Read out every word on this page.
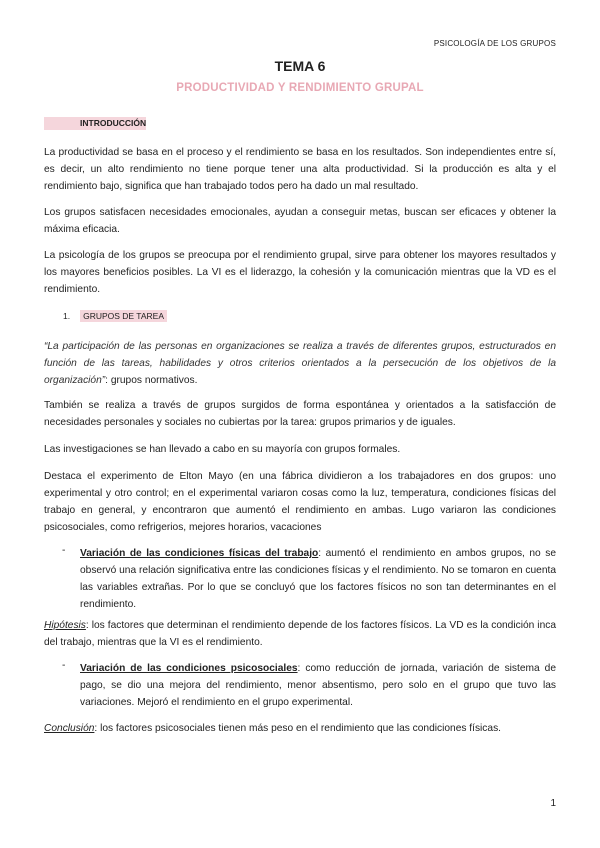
PSICOLOGÍA DE LOS GRUPOS
TEMA 6
PRODUCTIVIDAD Y RENDIMIENTO GRUPAL
INTRODUCCIÓN
La productividad se basa en el proceso y el rendimiento se basa en los resultados. Son independientes entre sí, es decir, un alto rendimiento no tiene porque tener una alta productividad. Si la producción es alta y el rendimiento bajo, significa que han trabajado todos pero ha dado un mal resultado.
Los grupos satisfacen necesidades emocionales, ayudan a conseguir metas, buscan ser eficaces y obtener la máxima eficacia.
La psicología de los grupos se preocupa por el rendimiento grupal, sirve para obtener los mayores resultados y los mayores beneficios posibles. La VI es el liderazgo, la cohesión y la comunicación mientras que la VD es el rendimiento.
1. GRUPOS DE TAREA
“La participación de las personas en organizaciones se realiza a través de diferentes grupos, estructurados en función de las tareas, habilidades y otros criterios orientados a la persecución de los objetivos de la organización”: grupos normativos.
También se realiza a través de grupos surgidos de forma espontánea y orientados a la satisfacción de necesidades personales y sociales no cubiertas por la tarea: grupos primarios y de iguales.
Las investigaciones se han llevado a cabo en su mayoría con grupos formales.
Destaca el experimento de Elton Mayo (en una fábrica dividieron a los trabajadores en dos grupos: uno experimental y otro control; en el experimental variaron cosas como la luz, temperatura, condiciones físicas del trabajo en general, y encontraron que aumentó el rendimiento en ambas. Lugo variaron las condiciones psicosociales, como refrigerios, mejores horarios, vacaciones
- Variación de las condiciones físicas del trabajo: aumentó el rendimiento en ambos grupos, no se observó una relación significativa entre las condiciones físicas y el rendimiento. No se tomaron en cuenta las variables extrañas. Por lo que se concluyó que los factores físicos no son tan determinantes en el rendimiento.
Hipótesis: los factores que determinan el rendimiento depende de los factores físicos. La VD es la condición inca del trabajo, mientras que la VI es el rendimiento.
- Variación de las condiciones psicosociales: como reducción de jornada, variación de sistema de pago, se dio una mejora del rendimiento, menor absentismo, pero solo en el grupo que tuvo las variaciones. Mejoró el rendimiento en el grupo experimental.
Conclusión: los factores psicosociales tienen más peso en el rendimiento que las condiciones físicas.
1
